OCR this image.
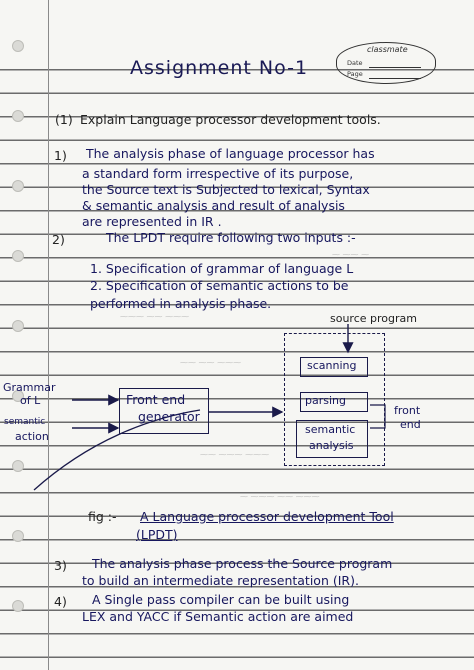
⁓ ⁓⁓ ⁓
⁓⁓⁓ ⁓⁓ ⁓⁓⁓
⁓⁓ ⁓⁓ ⁓⁓⁓
⁓⁓ ⁓⁓⁓ ⁓⁓⁓
⁓ ⁓⁓⁓ ⁓⁓ ⁓⁓⁓
classmate
Date
Page
Assignment No-1
(1) Explain Language processor development tools.
1) The analysis phase of language processor has
a standard form irrespective of its purpose,
the Source text is Subjected to lexical, Syntax
& semantic analysis and result of analysis
are represented in IR .
2)	The LPDT require following two inputs :-
1. Specification of grammar of language L
2. Specification of semantic actions to be
performed in analysis phase.
source program
Grammar
of L
semantic
action
Front end
generator
scanning
parsing
semantic
analysis
front
end
fig :- A Language processor development Tool
(LPDT)
3) The analysis phase process the Source program
to build an intermediate representation (IR).
4) A Single pass compiler can be built using
LEX and YACC if Semantic action are aimed
